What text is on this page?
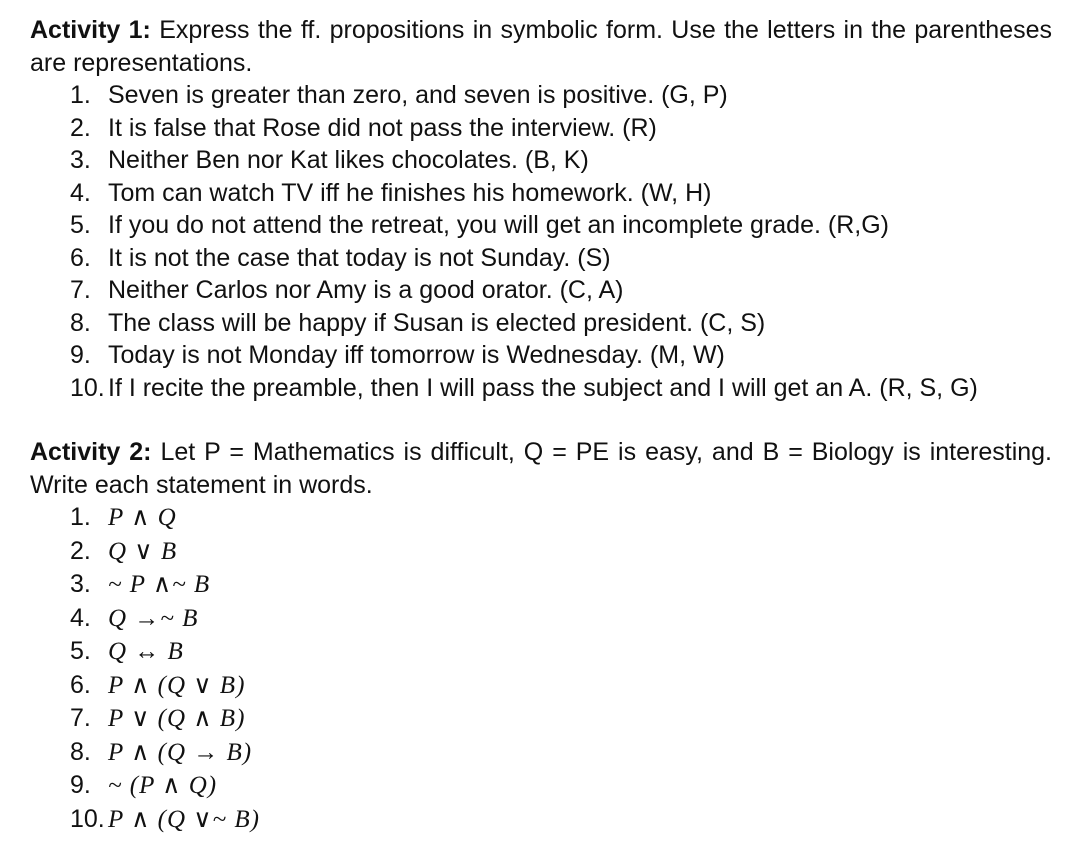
Activity 1: Express the ff. propositions in symbolic form. Use the letters in the parentheses are representations.
1. Seven is greater than zero, and seven is positive. (G, P)
2. It is false that Rose did not pass the interview. (R)
3. Neither Ben nor Kat likes chocolates. (B, K)
4. Tom can watch TV iff he finishes his homework. (W, H)
5. If you do not attend the retreat, you will get an incomplete grade. (R,G)
6. It is not the case that today is not Sunday. (S)
7. Neither Carlos nor Amy is a good orator. (C, A)
8. The class will be happy if Susan is elected president. (C, S)
9. Today is not Monday iff tomorrow is Wednesday. (M, W)
10. If I recite the preamble, then I will pass the subject and I will get an A. (R, S, G)
Activity 2: Let P = Mathematics is difficult, Q = PE is easy, and B = Biology is interesting. Write each statement in words.
1. P ∧ Q
2. Q ∨ B
3. ~ P ∧~ B
4. Q →~ B
5. Q ↔ B
6. P ∧ (Q ∨ B)
7. P ∨ (Q ∧ B)
8. P ∧ (Q → B)
9. ~ (P ∧ Q)
10. P ∧ (Q ∨~ B)
